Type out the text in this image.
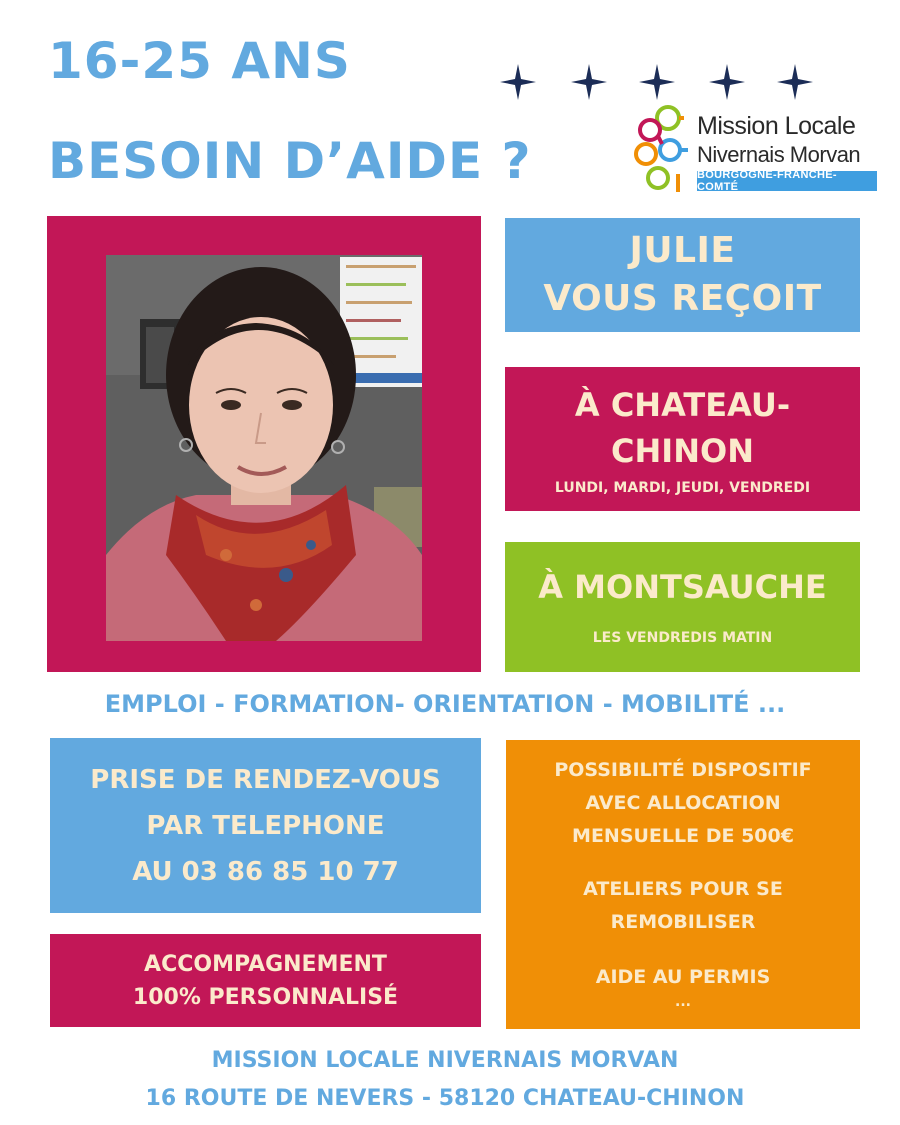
16-25 ANS
BESOIN D’AIDE ?
Mission Locale
Nivernais Morvan
BOURGOGNE-FRANCHE-COMTÉ
JULIE
VOUS REÇOIT
À CHATEAU-
CHINON
LUNDI, MARDI, JEUDI, VENDREDI
À MONTSAUCHE
LES VENDREDIS MATIN
EMPLOI - FORMATION- ORIENTATION - MOBILITÉ ...
PRISE DE RENDEZ-VOUS
PAR TELEPHONE
AU 03 86 85 10 77
ACCOMPAGNEMENT
100% PERSONNALISÉ
POSSIBILITÉ DISPOSITIF
AVEC ALLOCATION
MENSUELLE DE 500€
ATELIERS POUR SE
REMOBILISER
AIDE AU PERMIS
...
MISSION LOCALE NIVERNAIS MORVAN
16 ROUTE DE NEVERS - 58120 CHATEAU-CHINON
